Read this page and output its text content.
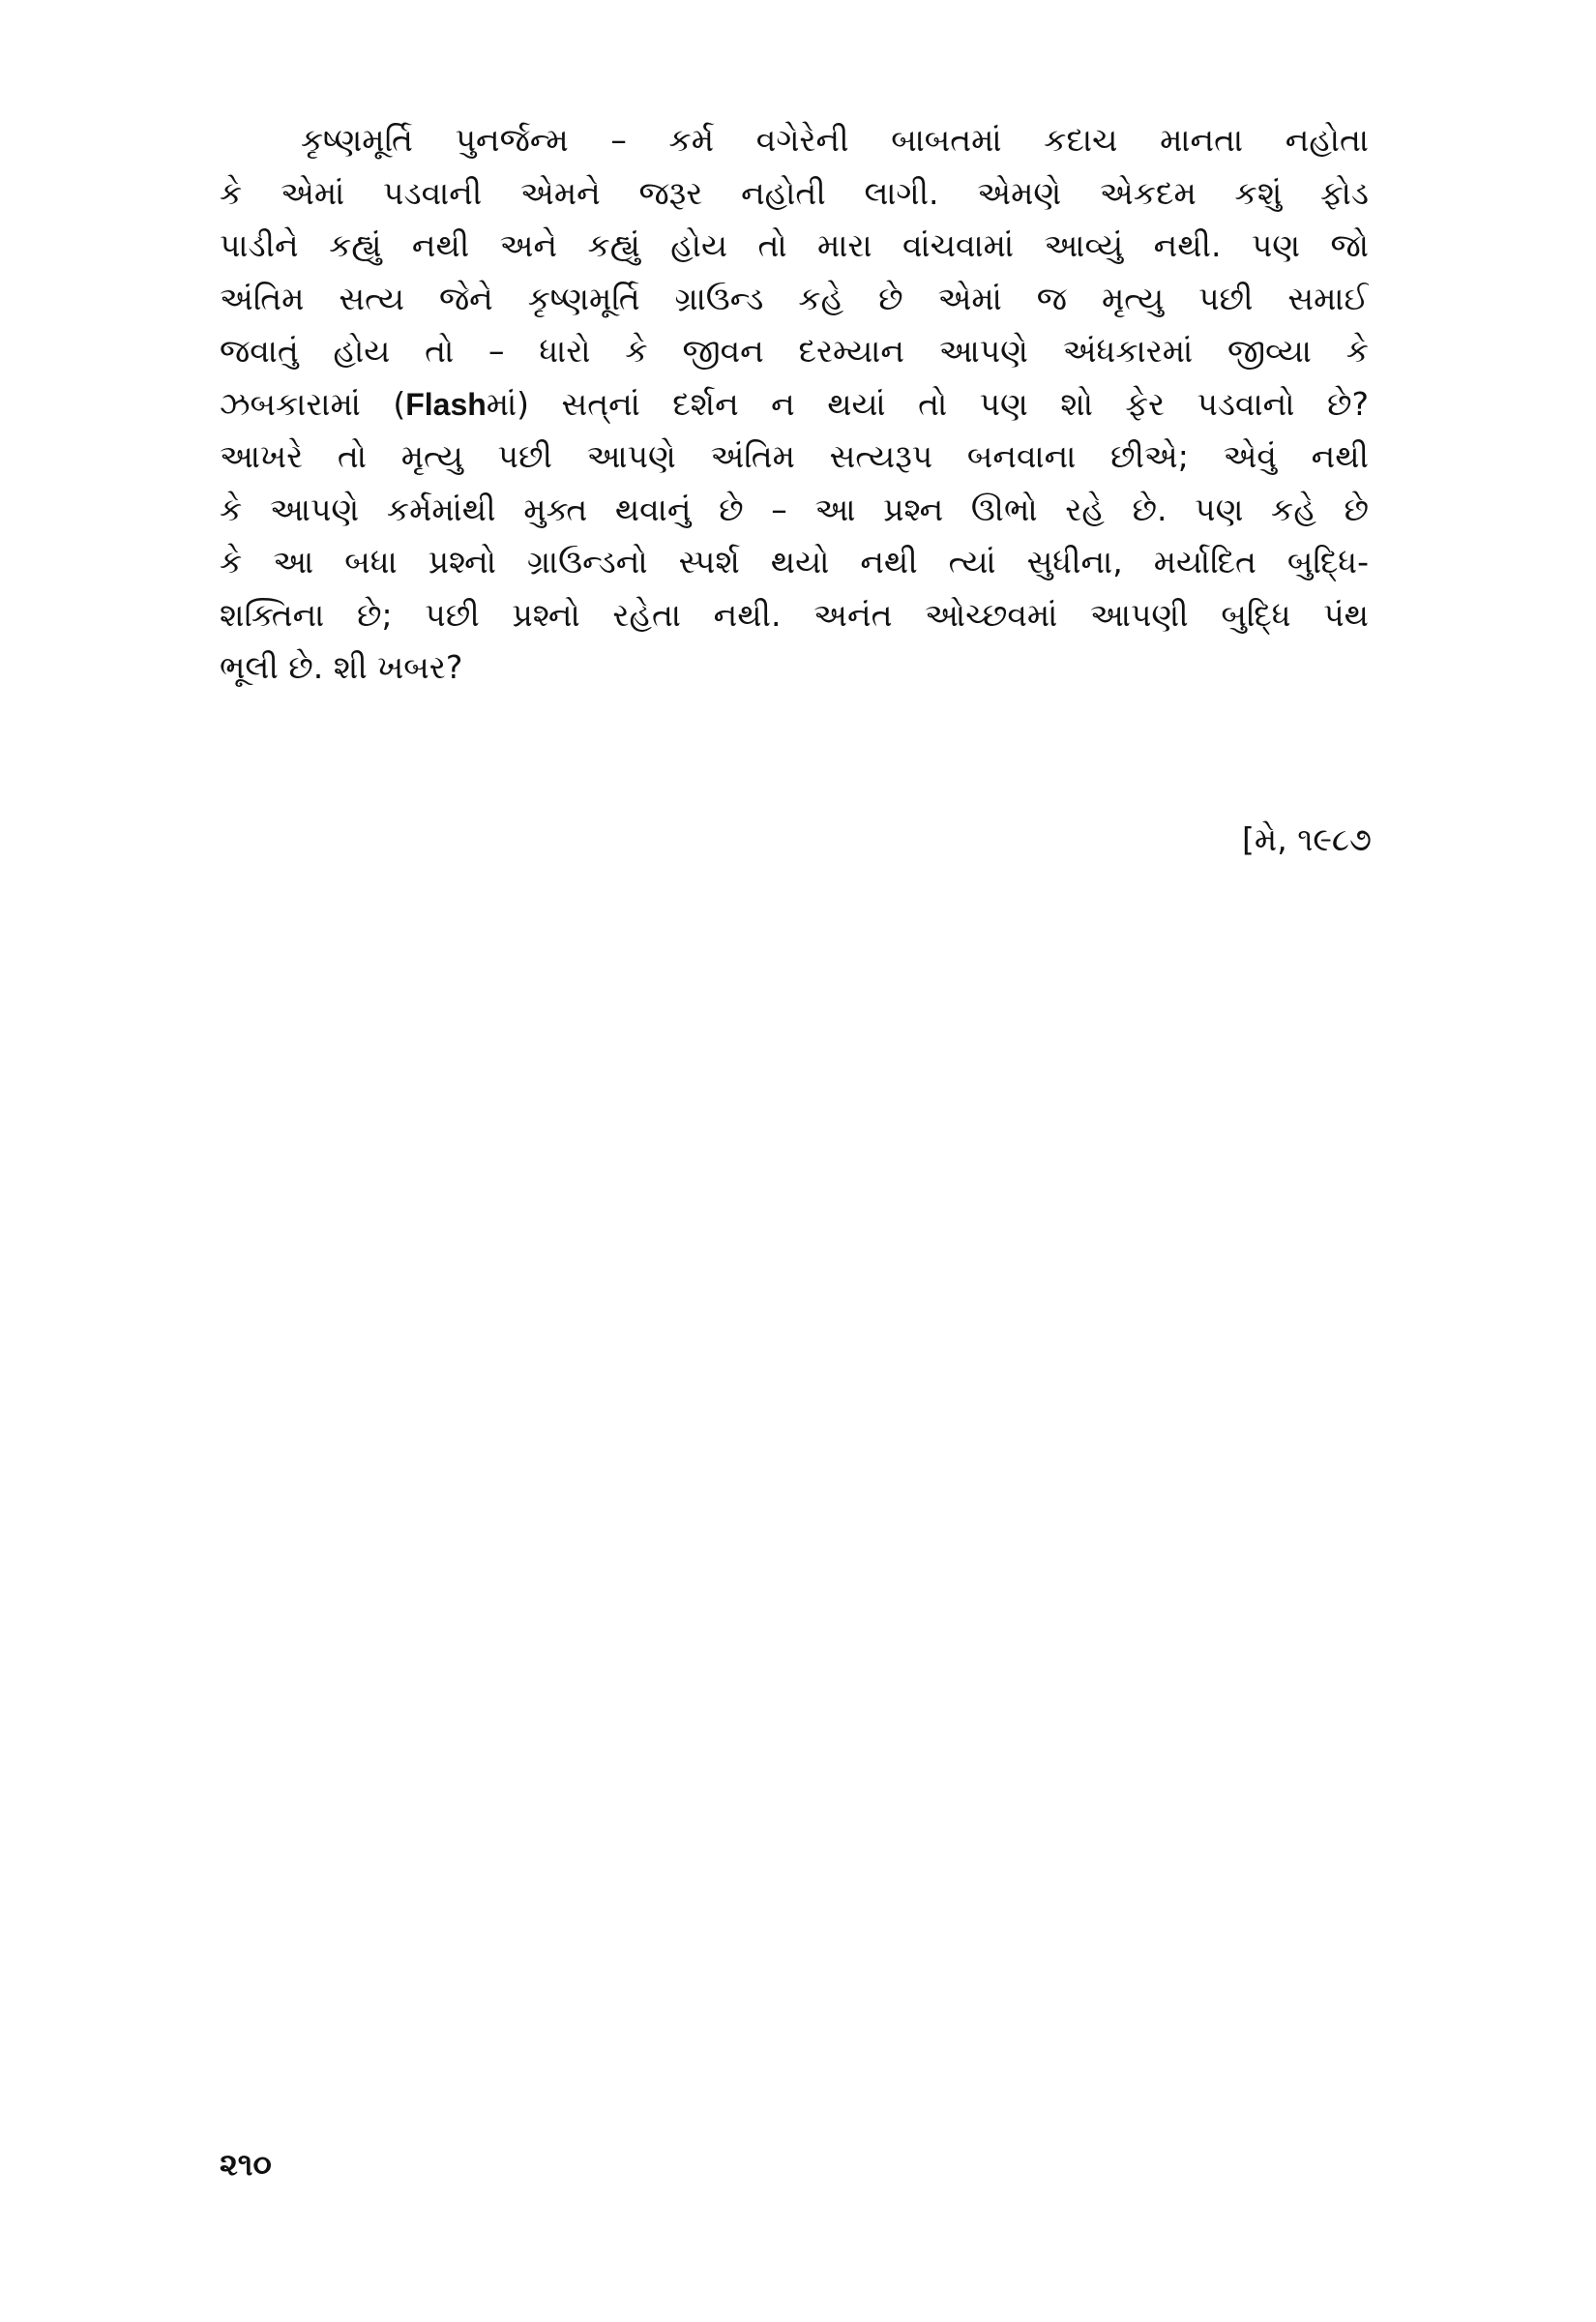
કૃષ્ણમૂર્તિ પુનર્જન્મ – કર્મ વગેરેની બાબતમાં કદાચ માનતા નહોતા
કે એમાં પડવાની એમને જરૂર નહોતી લાગી. એમણે એકદમ કશું ફોડ
પાડીને કહ્યું નથી અને કહ્યું હોય તો મારા વાંચવામાં આવ્યું નથી. પણ જો
અંતિમ સત્ય જેને કૃષ્ણમૂર્તિ ગ્રાઉન્ડ કહે છે એમાં જ મૃત્યુ પછી સમાઈ
જવાતું હોય તો – ધારો કે જીવન દરમ્યાન આપણે અંધકારમાં જીવ્યા કે
ઝબકારામાં (Flashમાં) સત્‌નાં દર્શન ન થયાં તો પણ શો ફેર પડવાનો છે?
આખરે તો મૃત્યુ પછી આપણે અંતિમ સત્યરૂપ બનવાના છીએ; એવું નથી
કે આપણે કર્મમાંથી મુક્ત થવાનું છે – આ પ્રશ્ન ઊભો રહે છે. પણ કહે છે
કે આ બધા પ્રશ્નો ગ્રાઉન્ડનો સ્પર્શ થયો નથી ત્યાં સુધીના, મર્યાદિત બુદ્ધિ-
શક્તિના છે; પછી પ્રશ્નો રહેતા નથી. અનંત ઓચ્છવમાં આપણી બુદ્ધિ પંથ
ભૂલી છે. શી ખબર?
[મે, ૧૯૮૭
૨૧૦
